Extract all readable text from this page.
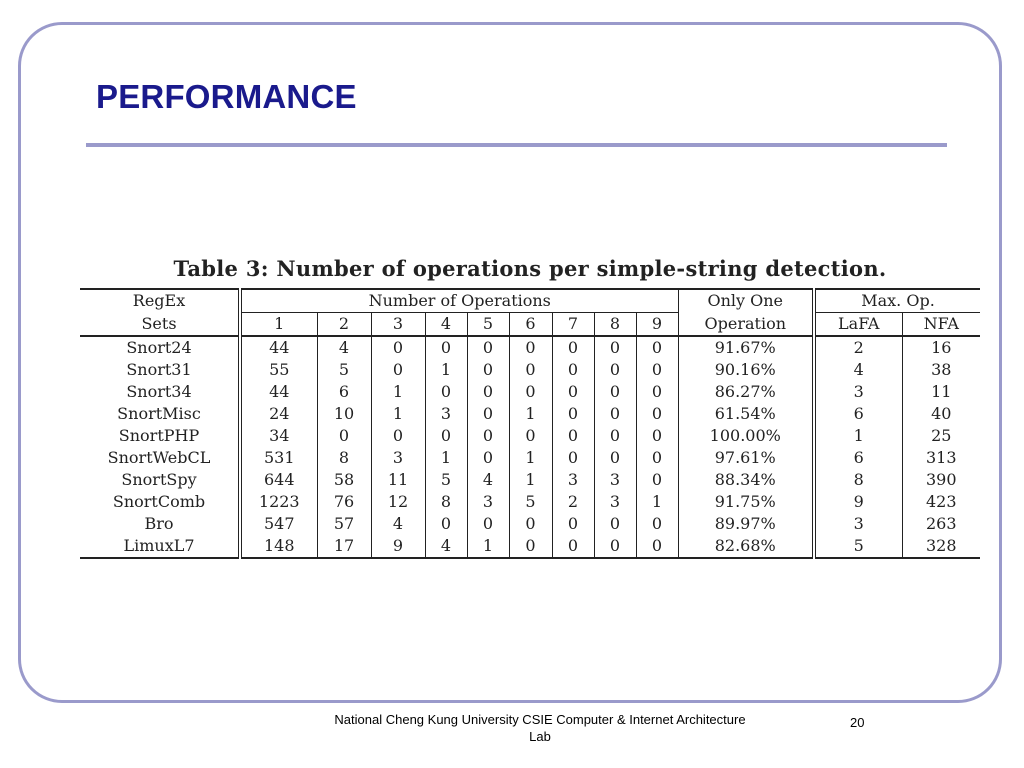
PERFORMANCE
Table 3: Number of operations per simple-string detection.
RegEx	Number of Operations									Only One	Max. Op.	
Sets	1	2	3	4	5	6	7	8	9	Operation	LaFA	NFA
Snort24	44	4	0	0	0	0	0	0	0	91.67%	2	16
Snort31	55	5	0	1	0	0	0	0	0	90.16%	4	38
Snort34	44	6	1	0	0	0	0	0	0	86.27%	3	11
SnortMisc	24	10	1	3	0	1	0	0	0	61.54%	6	40
SnortPHP	34	0	0	0	0	0	0	0	0	100.00%	1	25
SnortWebCL	531	8	3	1	0	1	0	0	0	97.61%	6	313
SnortSpy	644	58	11	5	4	1	3	3	0	88.34%	8	390
SnortComb	1223	76	12	8	3	5	2	3	1	91.75%	9	423
Bro	547	57	4	0	0	0	0	0	0	89.97%	3	263
LimuxL7	148	17	9	4	1	0	0	0	0	82.68%	5	328
National Cheng Kung University CSIE Computer & Internet Architecture Lab
20
